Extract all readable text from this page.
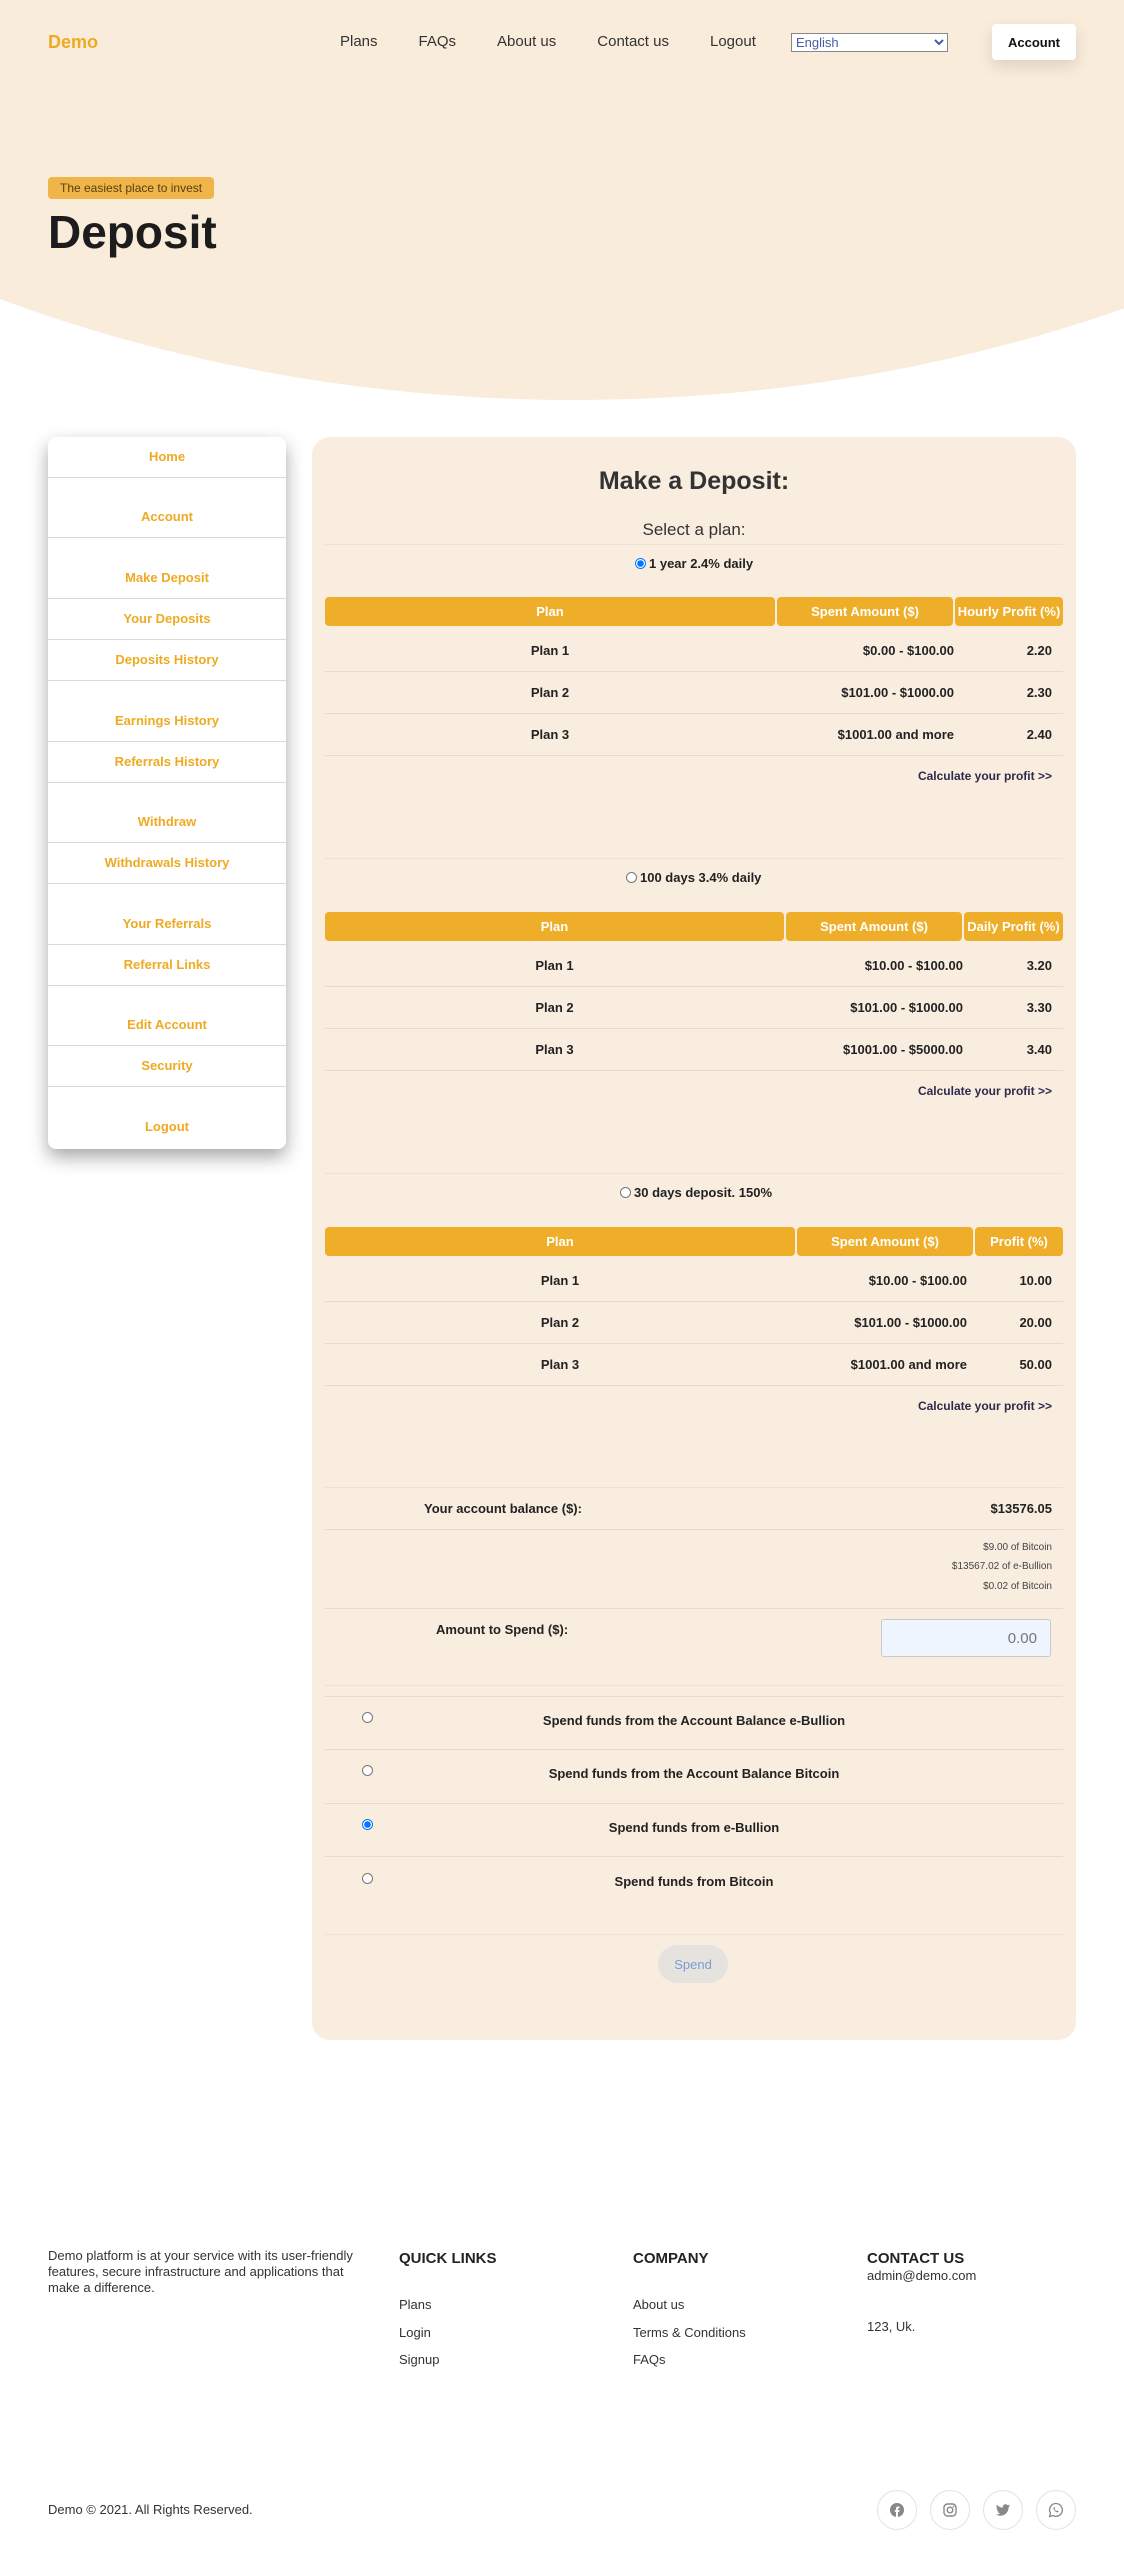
Demo	Plans	FAQs	About us	Contact us	Logout
English	Account
The easiest place to invest
Deposit
Home
Account
Make Deposit
Your Deposits
Deposits History
Earnings History
Referrals History
Withdraw
Withdrawals History
Your Referrals
Referral Links
Edit Account
Security
Logout
Make a Deposit:
Select a plan:
1 year 2.4% daily
Plan	Spent Amount ($)	Hourly Profit (%)
Plan 1	$0.00 - $100.00	2.20
Plan 2	$101.00 - $1000.00	2.30
Plan 3	$1001.00 and more	2.40
Calculate your profit >>
100 days 3.4% daily
Plan	Spent Amount ($)	Daily Profit (%)
Plan 1	$10.00 - $100.00	3.20
Plan 2	$101.00 - $1000.00	3.30
Plan 3	$1001.00 - $5000.00	3.40
Calculate your profit >>
30 days deposit. 150%
Plan	Spent Amount ($)	Profit (%)
Plan 1	$10.00 - $100.00	10.00
Plan 2	$101.00 - $1000.00	20.00
Plan 3	$1001.00 and more	50.00
Calculate your profit >>
Your account balance ($):	$13576.05
$9.00 of Bitcoin
$13567.02 of e-Bullion
$0.02 of Bitcoin
Amount to Spend ($):
0.00
Spend funds from the Account Balance e-Bullion
Spend funds from the Account Balance Bitcoin
Spend funds from e-Bullion
Spend funds from Bitcoin
Spend
Demo platform is at your service with its user-friendly features, secure infrastructure and applications that make a difference.
QUICK LINKS
Plans
Login
Signup
COMPANY
About us
Terms & Conditions
FAQs
CONTACT US
admin@demo.com
123, Uk.
Demo © 2021. All Rights Reserved.
